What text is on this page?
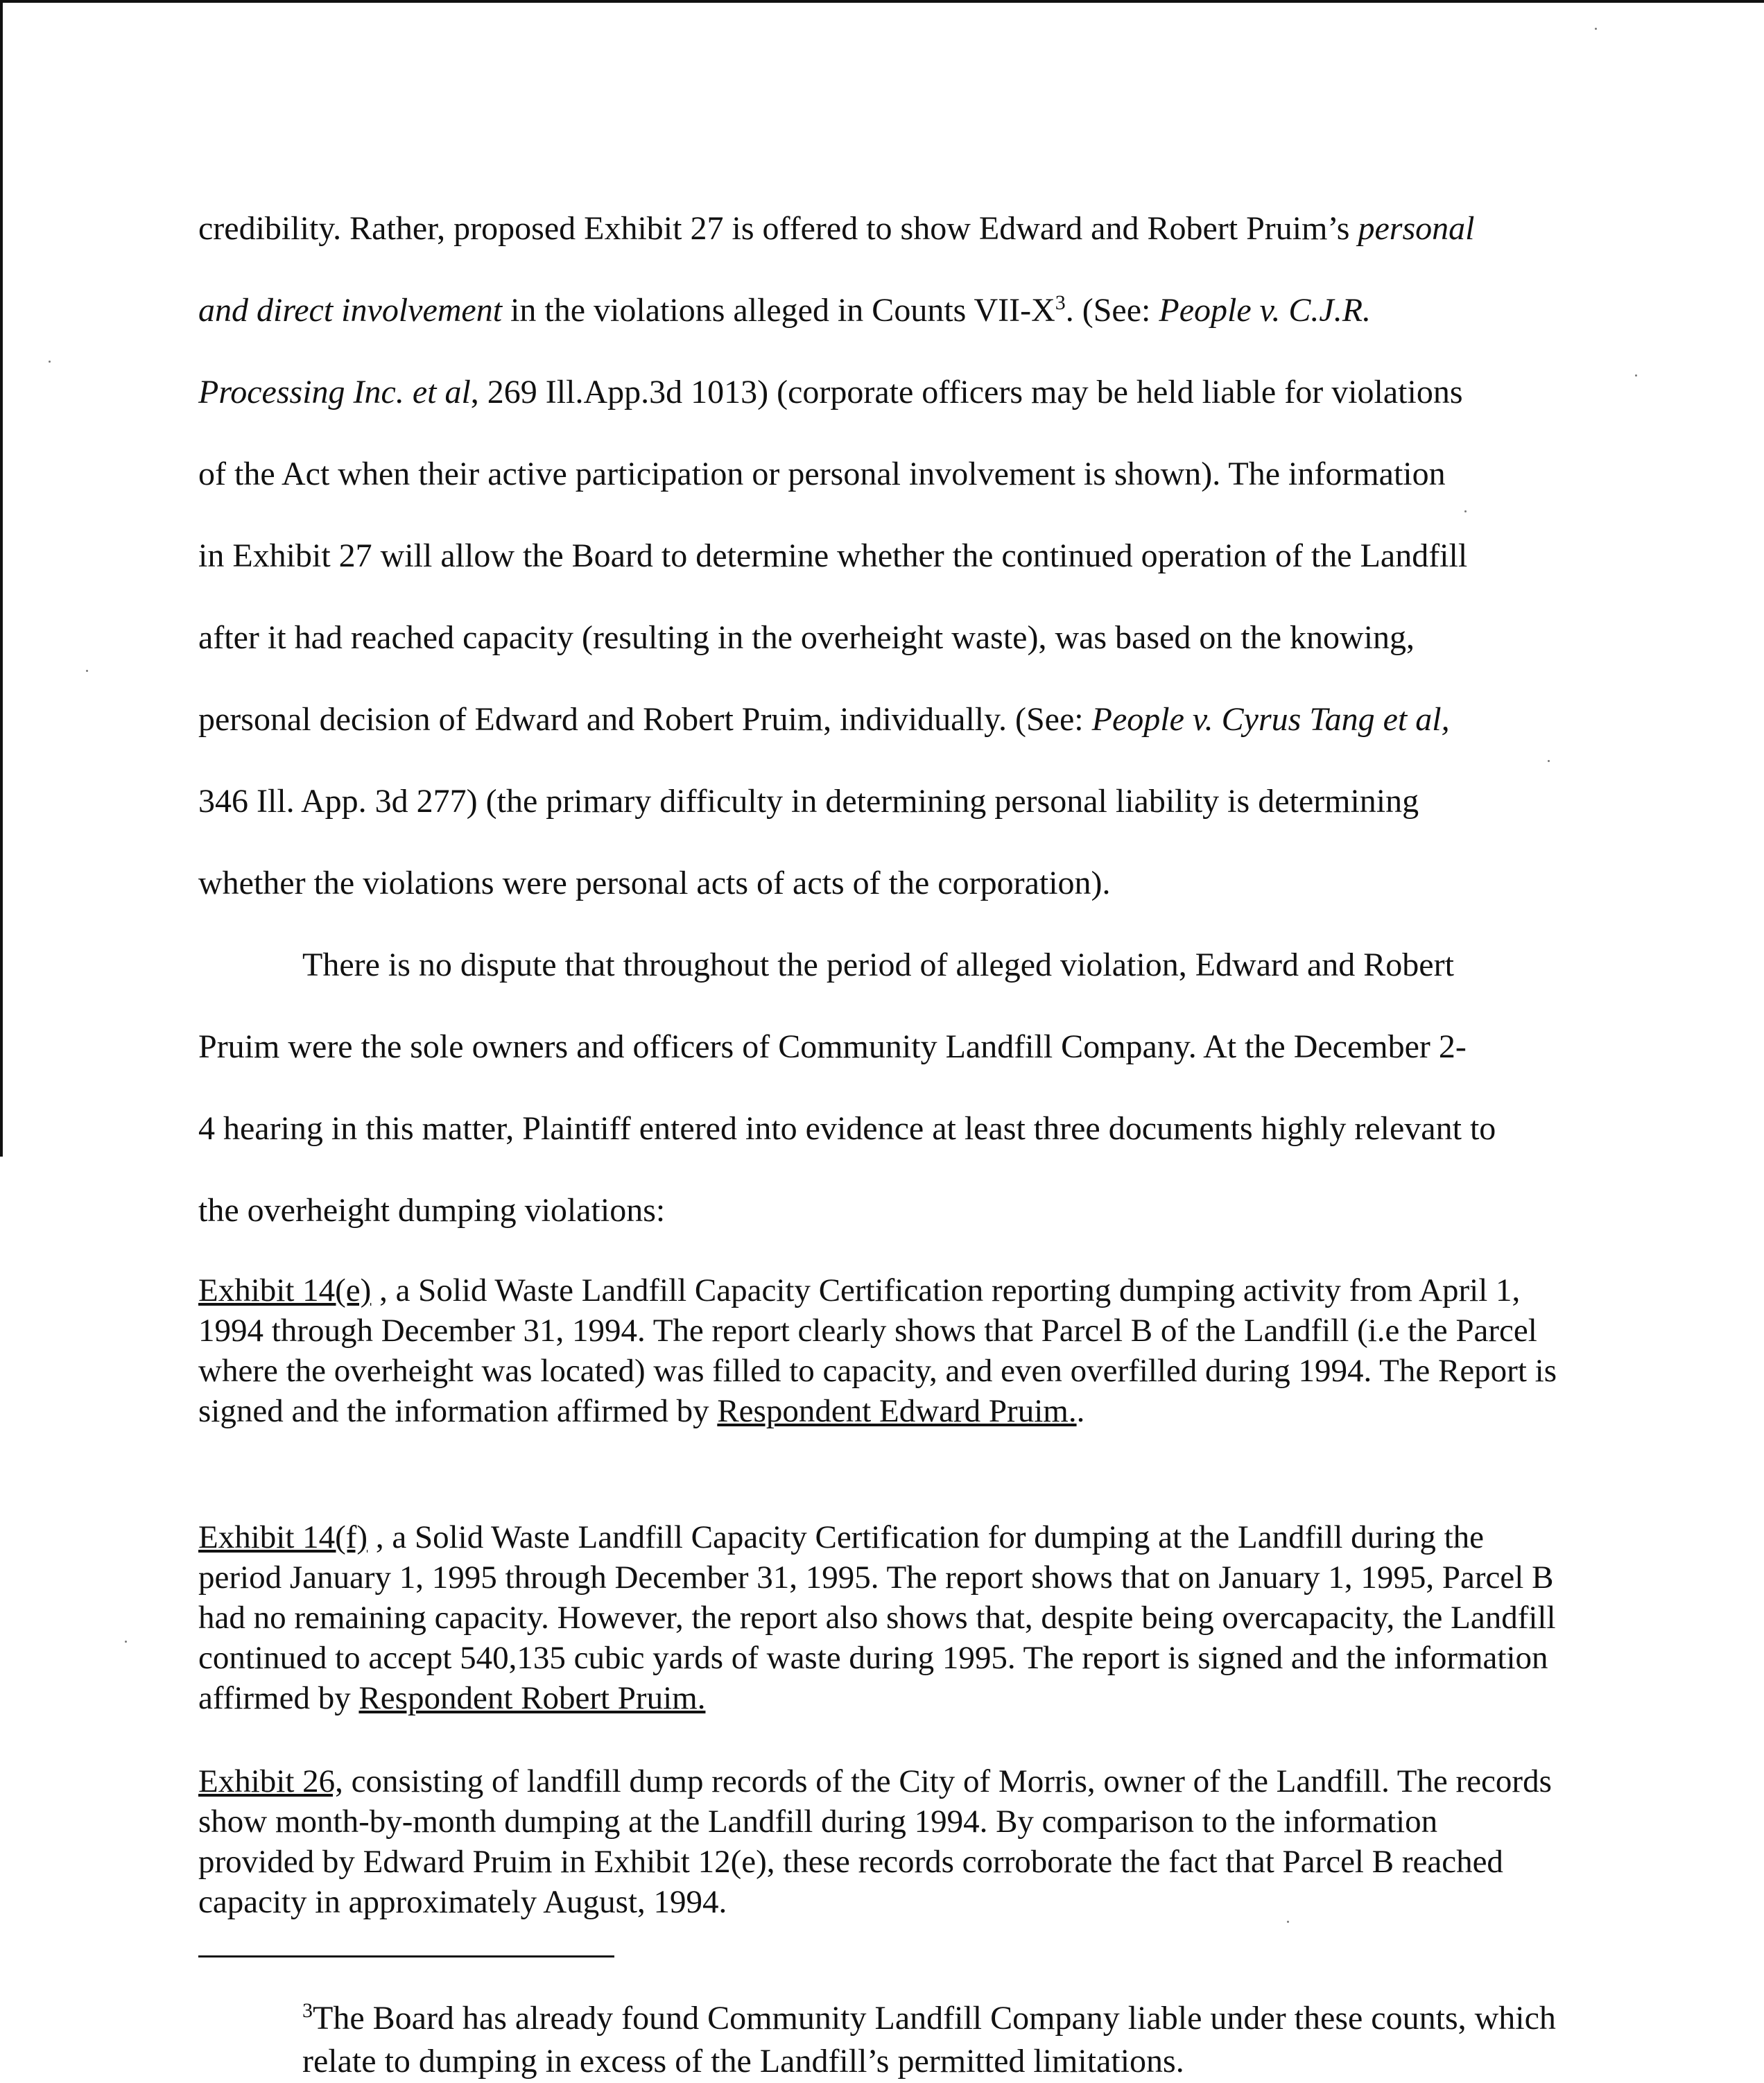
credibility. Rather, proposed Exhibit 27 is offered to show Edward and Robert Pruim’s personal
and direct involvement in the violations alleged in Counts VII-$X^3$. (See: People v. C.J.R.
Processing Inc. et al, 269 Ill.App.3d 1013) (corporate officers may be held liable for violations
of the Act when their active participation or personal involvement is shown). The information
in Exhibit 27 will allow the Board to determine whether the continued operation of the Landfill
after it had reached capacity (resulting in the overheight waste), was based on the knowing,
personal decision of Edward and Robert Pruim, individually. (See: People v. Cyrus Tang et al,
346 Ill. App. 3d 277) (the primary difficulty in determining personal liability is determining
whether the violations were personal acts of acts of the corporation).
There is no dispute that throughout the period of alleged violation, Edward and Robert
Pruim were the sole owners and officers of Community Landfill Company. At the December 2-
4 hearing in this matter, Plaintiff entered into evidence at least three documents highly relevant to
the overheight dumping violations:
Exhibit 14(e) , a Solid Waste Landfill Capacity Certification reporting dumping activity from April 1, 1994 through December 31, 1994. The report clearly shows that Parcel B of the Landfill (i.e the Parcel where the overheight was located) was filled to capacity, and even overfilled during 1994. The Report is signed and the information affirmed by Respondent Edward Pruim..
Exhibit 14(f) , a Solid Waste Landfill Capacity Certification for dumping at the Landfill during the period January 1, 1995 through December 31, 1995. The report shows that on January 1, 1995, Parcel B had no remaining capacity. However, the report also shows that, despite being overcapacity, the Landfill continued to accept 540,135 cubic yards of waste during 1995. The report is signed and the information affirmed by Respondent Robert Pruim.
Exhibit 26, consisting of landfill dump records of the City of Morris, owner of the Landfill. The records show month-by-month dumping at the Landfill during 1994. By comparison to the information provided by Edward Pruim in Exhibit 12(e), these records corroborate the fact that Parcel B reached capacity in approximately August, 1994.
$^3$The Board has already found Community Landfill Company liable under these counts, which relate to dumping in excess of the Landfill’s permitted limitations.
